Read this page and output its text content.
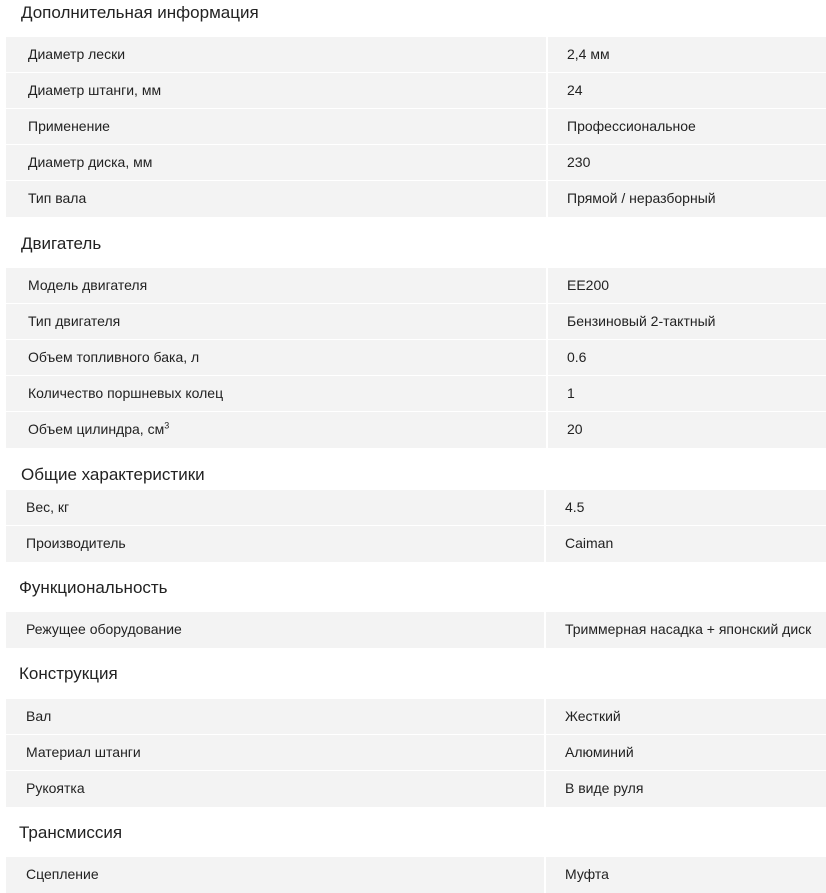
Дополнительная информация
Диаметр лески	2,4 мм
Диаметр штанги, мм	24
Применение	Профессиональное
Диаметр диска, мм	230
Тип вала	Прямой / неразборный
Двигатель
Модель двигателя	EE200
Тип двигателя	Бензиновый 2-тактный
Объем топливного бака, л	0.6
Количество поршневых колец	1
Объем цилиндра, $см^3$	20
Общие характеристики
Вес, кг	4.5
Производитель	Caiman
Функциональность
Режущее оборудование	Триммерная насадка + японский диск
Конструкция
Вал	Жесткий
Материал штанги	Алюминий
Рукоятка	В виде руля
Трансмиссия
Сцепление	Муфта
